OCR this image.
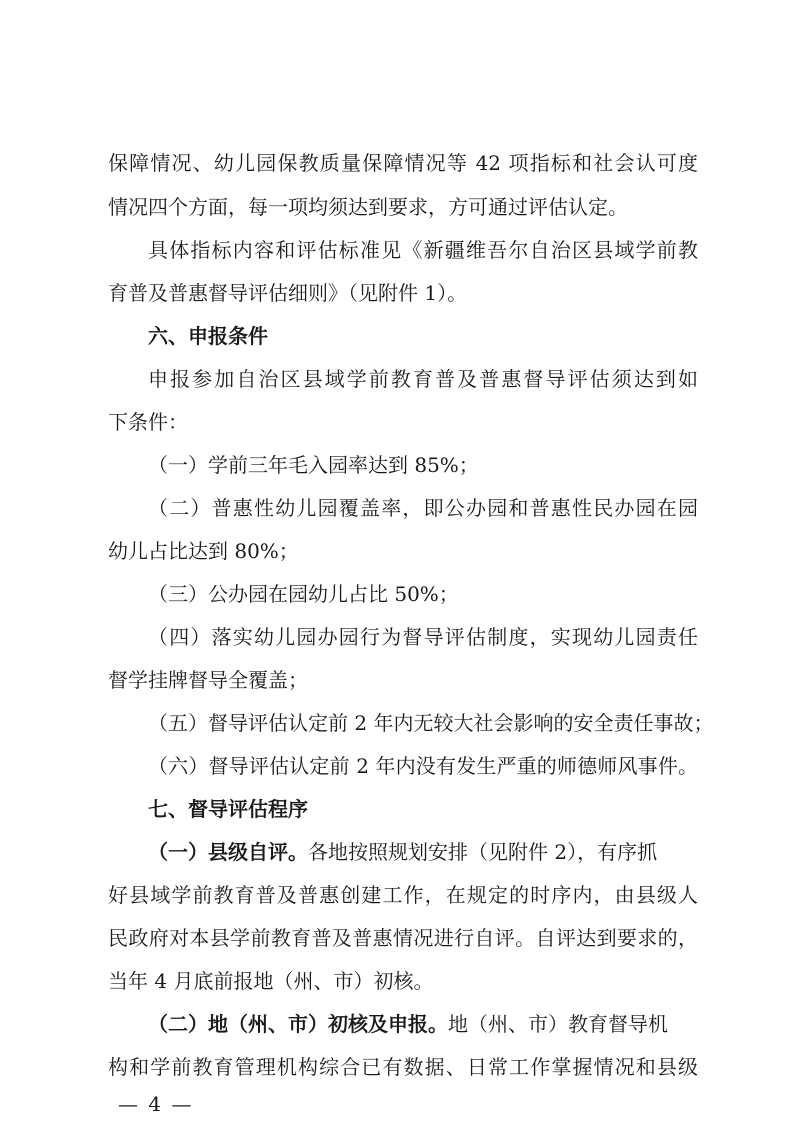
保障情况、幼儿园保教质量保障情况等 42 项指标和社会认可度
情况四个方面，每一项均须达到要求，方可通过评估认定。
具体指标内容和评估标准见《新疆维吾尔自治区县域学前教
育普及普惠督导评估细则》（见附件 1）。
六、申报条件
申报参加自治区县域学前教育普及普惠督导评估须达到如
下条件：
（一）学前三年毛入园率达到 85%；
（二）普惠性幼儿园覆盖率，即公办园和普惠性民办园在园
幼儿占比达到 80%；
（三）公办园在园幼儿占比 50%；
（四）落实幼儿园办园行为督导评估制度，实现幼儿园责任
督学挂牌督导全覆盖；
（五）督导评估认定前 2 年内无较大社会影响的安全责任事故；
（六）督导评估认定前 2 年内没有发生严重的师德师风事件。
七、督导评估程序
（一）县级自评。 各地按照规划安排（见附件 2），有序抓
好县域学前教育普及普惠创建工作，在规定的时序内，由县级人
民政府对本县学前教育普及普惠情况进行自评。自评达到要求的，
当年 4 月底前报地（州、市）初核。
（二）地（州、市）初核及申报。 地（州、市）教育督导机
构和学前教育管理机构综合已有数据、日常工作掌握情况和县级
— 4 —
